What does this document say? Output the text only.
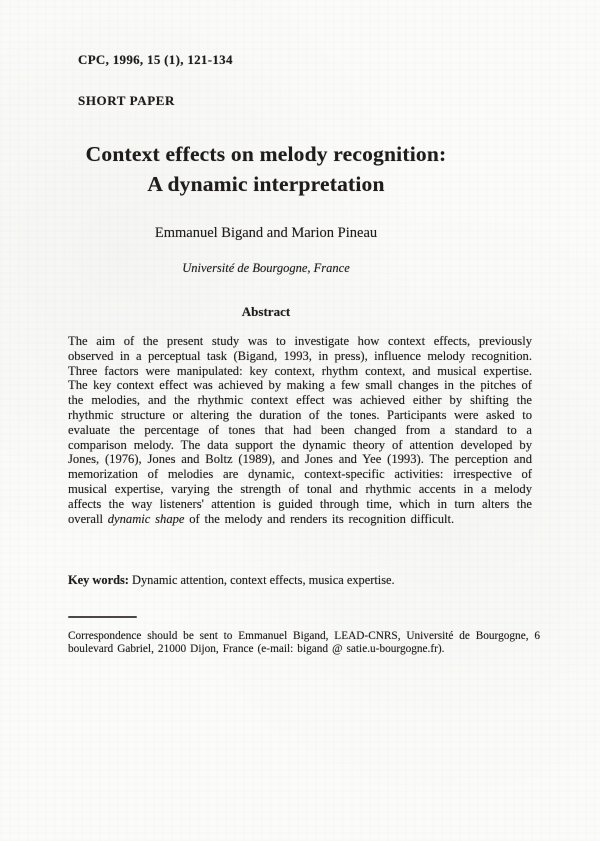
CPC, 1996, 15 (1), 121-134
SHORT PAPER
Context effects on melody recognition:
A dynamic interpretation
Emmanuel Bigand and Marion Pineau
Université de Bourgogne, France
Abstract
The aim of the present study was to investigate how context effects, previously observed in a perceptual task (Bigand, 1993, in press), influence melody recognition. Three factors were manipulated: key context, rhythm context, and musical expertise. The key context effect was achieved by making a few small changes in the pitches of the melodies, and the rhythmic context effect was achieved either by shifting the rhythmic structure or altering the duration of the tones. Participants were asked to evaluate the percentage of tones that had been changed from a standard to a comparison melody. The data support the dynamic theory of attention developed by Jones, (1976), Jones and Boltz (1989), and Jones and Yee (1993). The perception and memorization of melodies are dynamic, context-specific activities: irrespective of musical expertise, varying the strength of tonal and rhythmic accents in a melody affects the way listeners' attention is guided through time, which in turn alters the overall dynamic shape of the melody and renders its recognition difficult.
Key words: Dynamic attention, context effects, musica expertise.
Correspondence should be sent to Emmanuel Bigand, LEAD-CNRS, Université de Bourgogne, 6 boulevard Gabriel, 21000 Dijon, France (e-mail: bigand @ satie.u-bourgogne.fr).
